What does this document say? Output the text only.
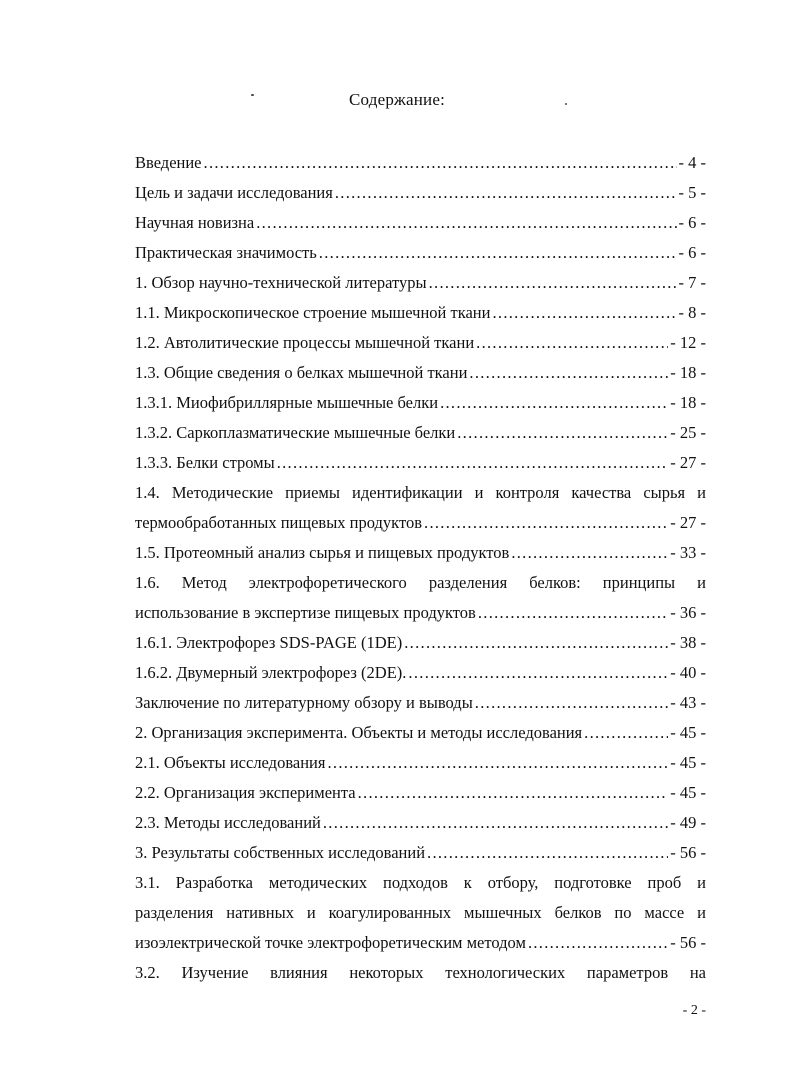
Содержание:
Введение .....	- 4 -
Цель и задачи исследования .....	- 5 -
Научная новизна .....	- 6 -
Практическая значимость .....	- 6 -
1. Обзор научно-технической литературы .....	- 7 -
1.1. Микроскопическое строение мышечной ткани .....	- 8 -
1.2. Автолитические процессы мышечной ткани .....	- 12 -
1.3. Общие сведения о белках мышечной ткани .....	- 18 -
1.3.1. Миофибриллярные мышечные белки .....	- 18 -
1.3.2. Саркоплазматические мышечные белки .....	- 25 -
1.3.3. Белки стромы .....	- 27 -
1.4. Методические приемы идентификации и контроля качества сырья и
термообработанных пищевых продуктов .....	- 27 -
1.5. Протеомный анализ сырья и пищевых продуктов .....	- 33 -
1.6. Метод электрофоретического разделения белков: принципы и
использование в экспертизе пищевых продуктов .....	- 36 -
1.6.1. Электрофорез SDS-PAGE (1DE) .....	- 38 -
1.6.2. Двумерный электрофорез (2DE). .....	- 40 -
Заключение по литературному обзору и выводы .....	- 43 -
2. Организация эксперимента. Объекты и методы исследования .....	- 45 -
2.1. Объекты исследования .....	- 45 -
2.2. Организация эксперимента .....	- 45 -
2.3. Методы исследований .....	- 49 -
3. Результаты собственных исследований .....	- 56 -
3.1. Разработка методических подходов к отбору, подготовке проб и
разделения нативных и коагулированных мышечных белков по массе и
изоэлектрической точке электрофоретическим методом .....	- 56 -
3.2. Изучение влияния некоторых технологических параметров на
- 2 -
